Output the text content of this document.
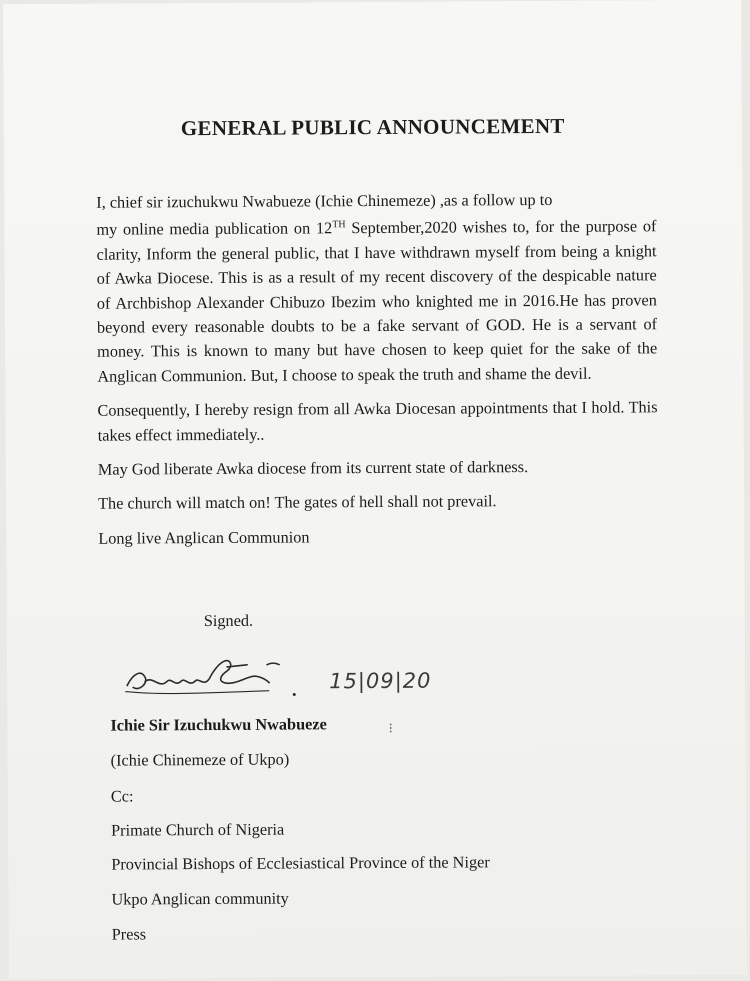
GENERAL PUBLIC ANNOUNCEMENT

I, chief sir izuchukwu Nwabueze (Ichie Chinemeze) ,as a follow up to
my online media publication on 12TH September,2020 wishes to, for the purpose of clarity, Inform the general public, that I have withdrawn myself from being a knight of Awka Diocese. This is as a result of my recent discovery of the despicable nature of Archbishop Alexander Chibuzo Ibezim who knighted me in 2016.He has proven beyond every reasonable doubts to be a fake servant of GOD. He is a servant of money. This is known to many but have chosen to keep quiet for the sake of the Anglican Communion. But, I choose to speak the truth and shame the devil.

Consequently, I hereby resign from all Awka Diocesan appointments that I hold. This takes effect immediately..

May God liberate Awka diocese from its current state of darkness.

The church will match on! The gates of hell shall not prevail.

Long live Anglican Communion

Signed.
15|09|20
Ichie Sir Izuchukwu Nwabueze	⁝
(Ichie Chinemeze of Ukpo)
Cc:
Primate Church of Nigeria
Provincial Bishops of Ecclesiastical Province of the Niger
Ukpo Anglican community
Press
